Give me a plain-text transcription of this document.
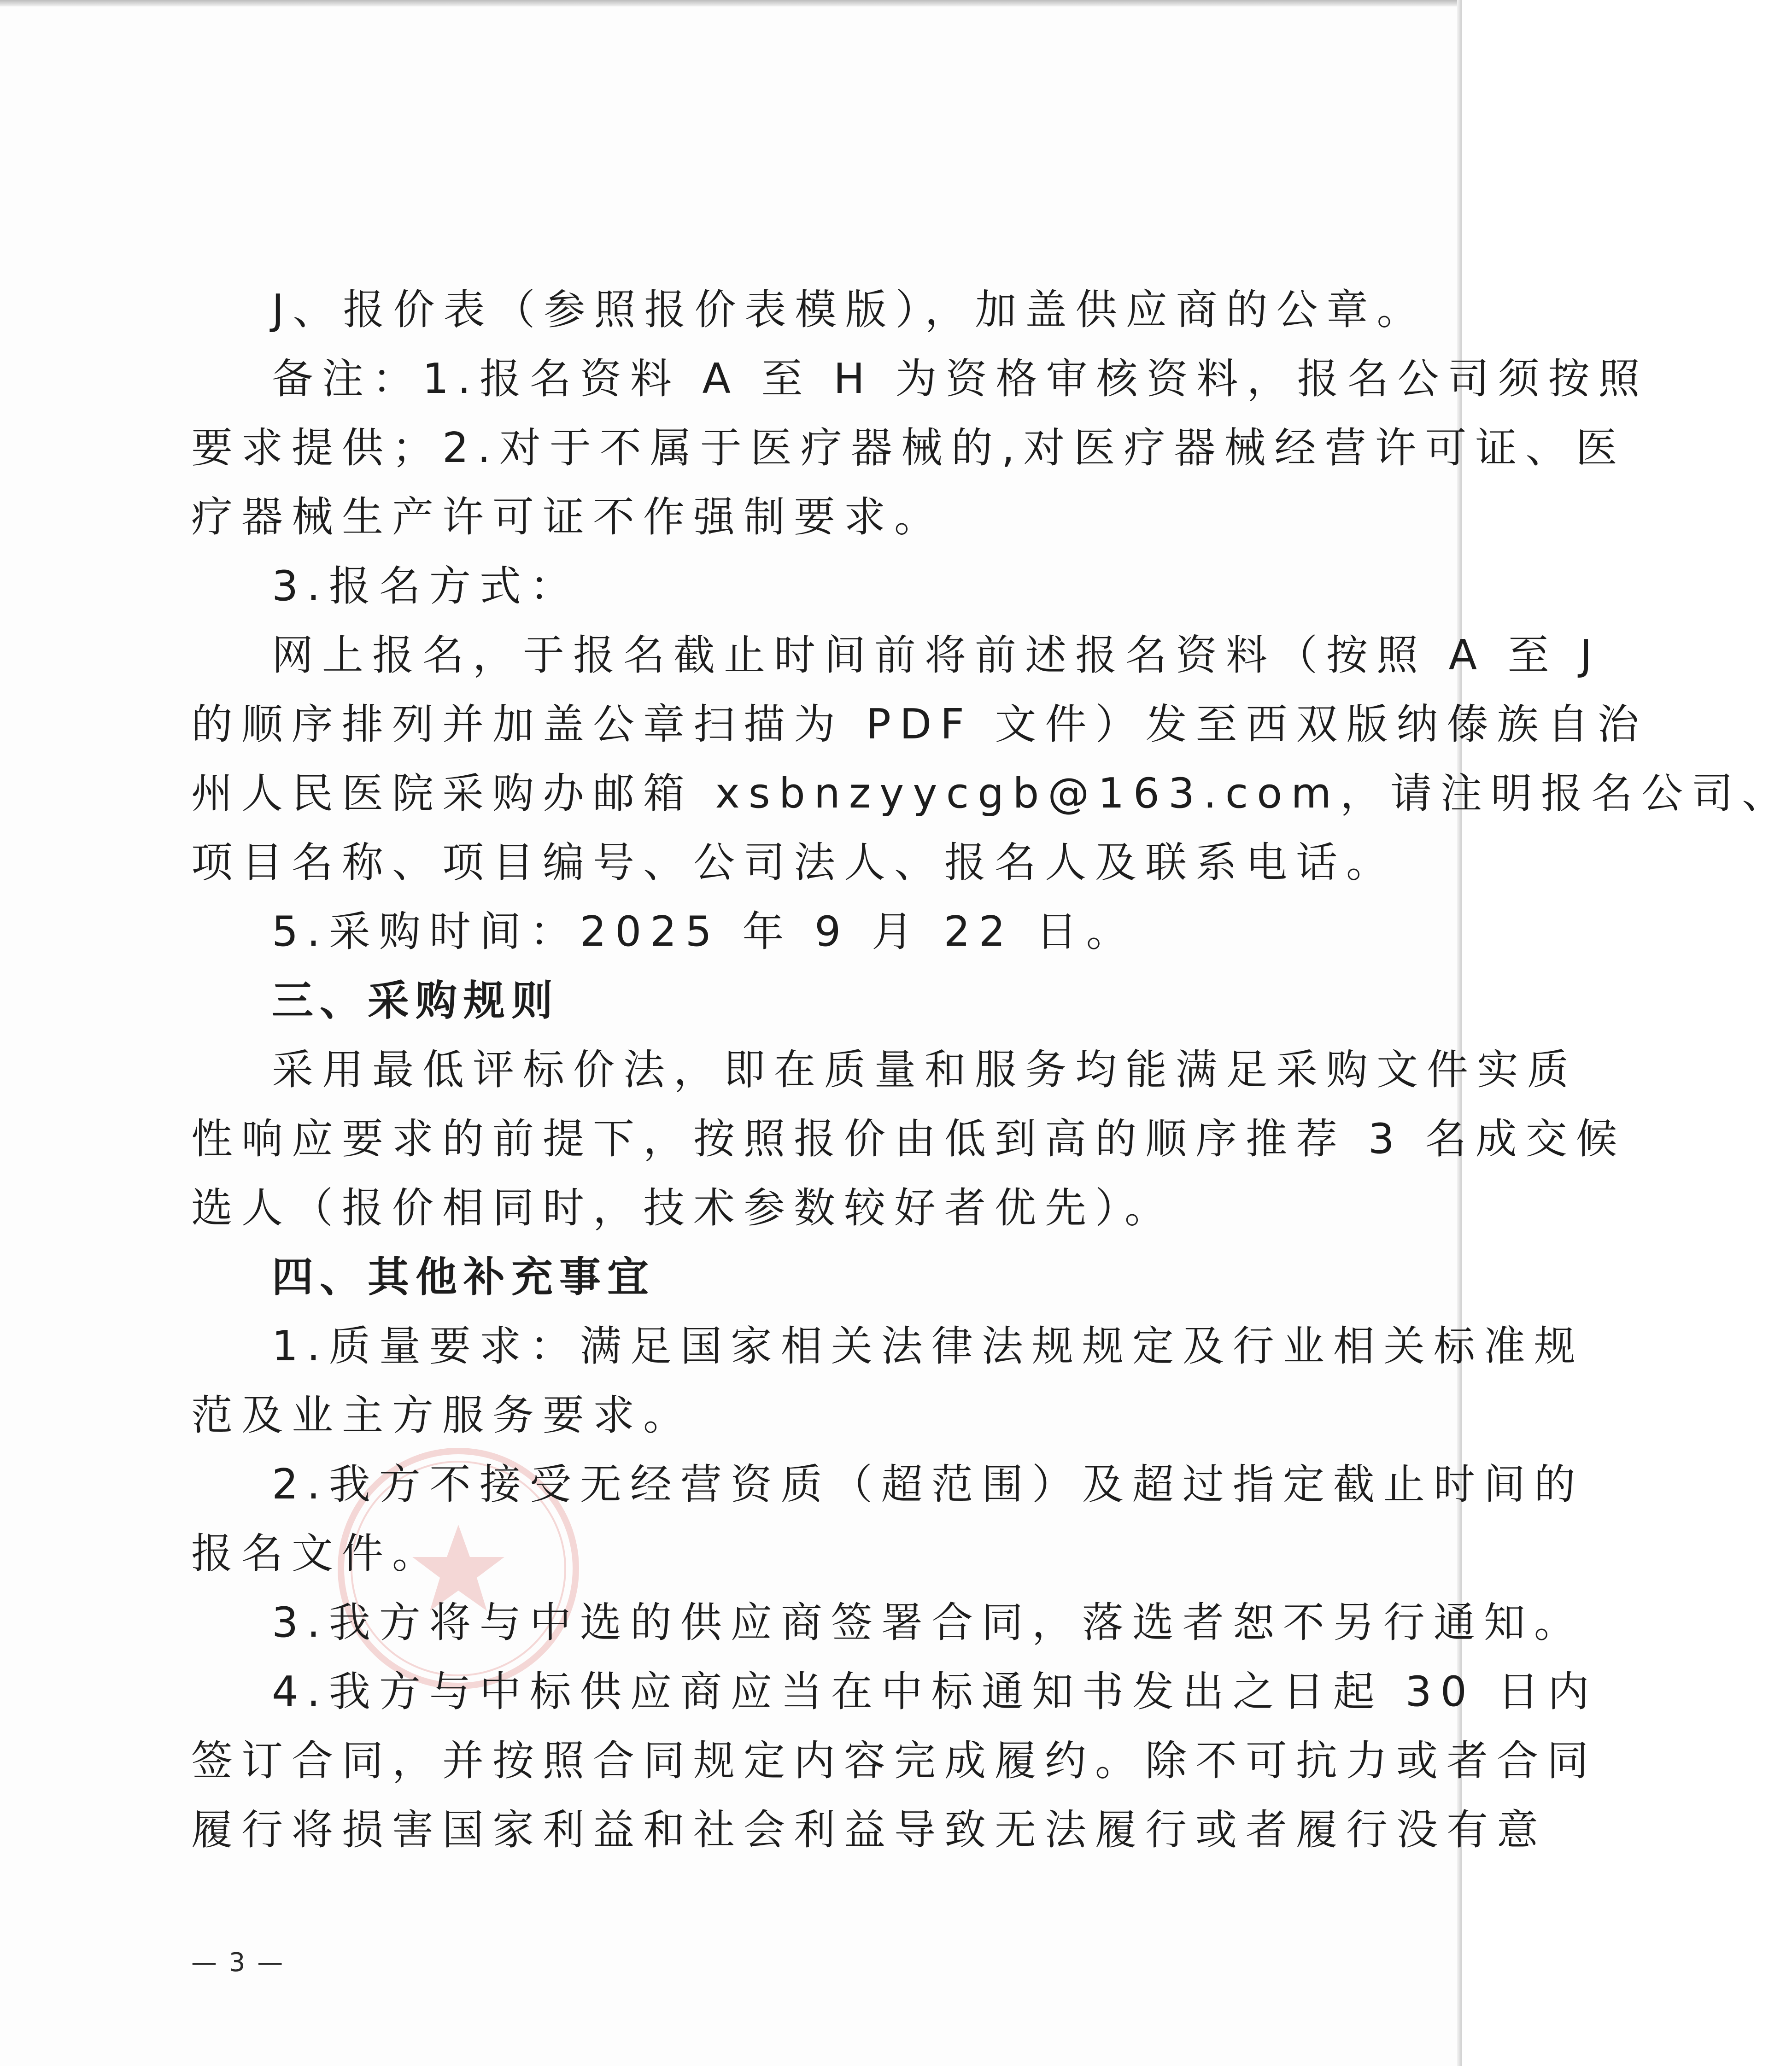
J、报价表（参照报价表模版），加盖供应商的公章。
备注：1.报名资料 A 至 H 为资格审核资料，报名公司须按照
要求提供；2.对于不属于医疗器械的,对医疗器械经营许可证、医
疗器械生产许可证不作强制要求。
3.报名方式：
网上报名，于报名截止时间前将前述报名资料（按照 A 至 J
的顺序排列并加盖公章扫描为 PDF 文件）发至西双版纳傣族自治
州人民医院采购办邮箱 xsbnzyycgb@163.com，请注明报名公司、
项目名称、项目编号、公司法人、报名人及联系电话。
5.采购时间：2025 年 9 月 22 日。
三、采购规则
采用最低评标价法，即在质量和服务均能满足采购文件实质
性响应要求的前提下，按照报价由低到高的顺序推荐 3 名成交候
选人（报价相同时，技术参数较好者优先）。
四、其他补充事宜
1.质量要求：满足国家相关法律法规规定及行业相关标准规
范及业主方服务要求。
2.我方不接受无经营资质（超范围）及超过指定截止时间的
报名文件。
3.我方将与中选的供应商签署合同，落选者恕不另行通知。
4.我方与中标供应商应当在中标通知书发出之日起 30 日内
签订合同，并按照合同规定内容完成履约。除不可抗力或者合同
履行将损害国家利益和社会利益导致无法履行或者履行没有意
— 3 —
